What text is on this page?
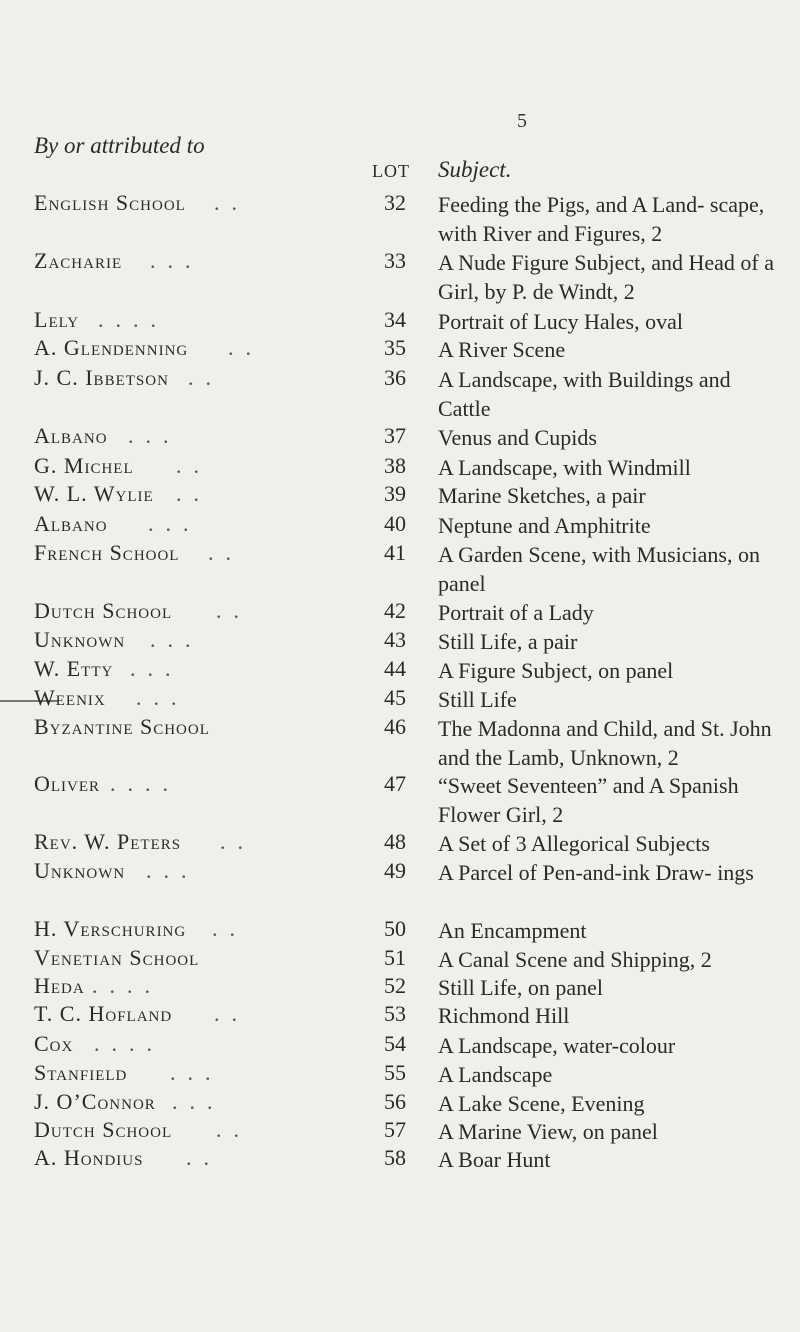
5
By or attributed to
LOT Subject.
English School ..	32 Feeding the Pigs, and A Land- scape, with River and Figures, 2
Zacharie ...	33 A Nude Figure Subject, and Head of a Girl, by P. de Windt, 2
Lely ....	34 Portrait of Lucy Hales, oval
A. Glendenning ..	35 A River Scene
J. C. Ibbetson ..	36 A Landscape, with Buildings and Cattle
Albano ...	37 Venus and Cupids
G. Michel ..	38 A Landscape, with Windmill
W. L. Wylie ..	39 Marine Sketches, a pair
Albano ...	40 Neptune and Amphitrite
French School ..	41 A Garden Scene, with Musicians, on panel
Dutch School ..	42 Portrait of a Lady
Unknown ...	43 Still Life, a pair
W. Etty ...	44 A Figure Subject, on panel
Weenix ...	45 Still Life
Byzantine School	46 The Madonna and Child, and St. John and the Lamb, Unknown, 2
Oliver ....	47 “Sweet Seventeen” and A Spanish Flower Girl, 2
Rev. W. Peters ..	48 A Set of 3 Allegorical Subjects
Unknown ...	49 A Parcel of Pen-and-ink Draw- ings
H. Verschuring ..	50 An Encampment
Venetian School	51 A Canal Scene and Shipping, 2
Heda ....	52 Still Life, on panel
T. C. Hofland ..	53 Richmond Hill
Cox ....	54 A Landscape, water-colour
Stanfield ...	55 A Landscape
J. O’Connor ...	56 A Lake Scene, Evening
Dutch School ..	57 A Marine View, on panel
A. Hondius ..	58 A Boar Hunt
